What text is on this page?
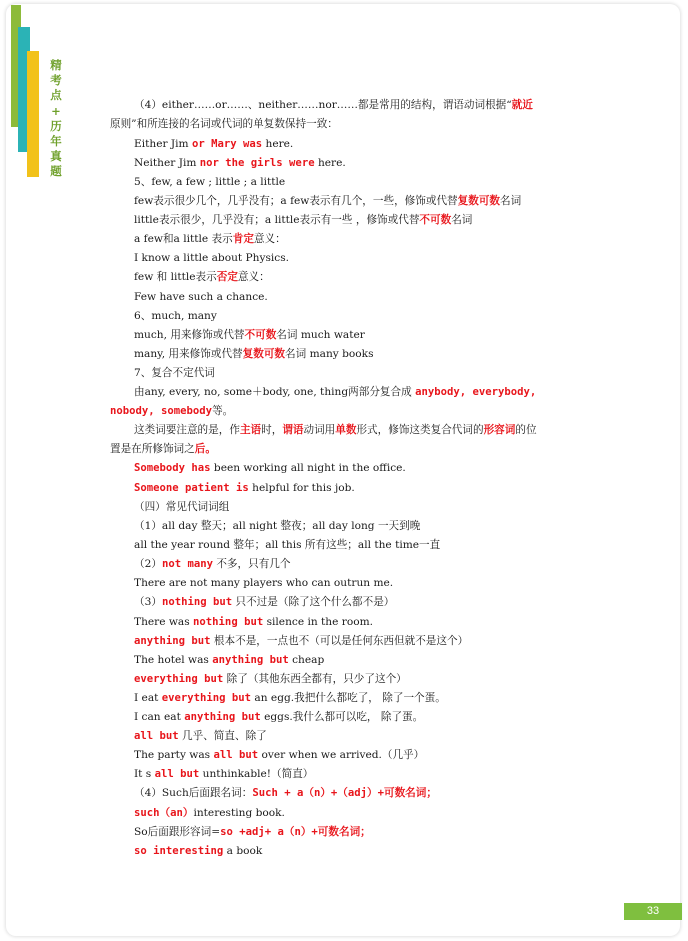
精
考
点
+
历
年
真
题
（4）either……or……、neither……nor……都是常用的结构，谓语动词根据“就近
原则”和所连接的名词或代词的单复数保持一致：
Either Jim or Mary was here.
Neither Jim nor the girls were here.
5、few, a few ; little ; a little
few表示很少几个，几乎没有；a few表示有几个，一些，修饰或代替复数可数名词
little表示很少，几乎没有；a little表示有一些 ，修饰或代替不可数名词
a few和a little 表示肯定意义：
I know a little about Physics.
few 和 little表示否定意义：
Few have such a chance.
6、much, many
much, 用来修饰或代替不可数名词 much water
many, 用来修饰或代替复数可数名词 many books
7、复合不定代词
由any, every, no, some＋body, one, thing两部分复合成 anybody, everybody,
nobody, somebody等。
这类词要注意的是，作主语时，谓语动词用单数形式，修饰这类复合代词的形容词的位
置是在所修饰词之后。
Somebody has been working all night in the office.
Someone patient is helpful for this job.
（四）常见代词词组
（1）all day 整天；all night 整夜；all day long 一天到晚
all the year round 整年；all this 所有这些；all the time一直
（2）not many 不多，只有几个
There are not many players who can outrun me.
（3）nothing but 只不过是（除了这个什么都不是）
There was nothing but silence in the room.
anything but 根本不是，一点也不（可以是任何东西但就不是这个）
The hotel was anything but cheap
everything but 除了（其他东西全都有，只少了这个）
I eat everything but an egg.我把什么都吃了， 除了一个蛋。
I can eat anything but eggs.我什么都可以吃， 除了蛋。
all but 几乎、简直、除了
The party was all but over when we arrived.（几乎）
It s all but unthinkable!（简直）
（4）Such后面跟名词：Such + a（n）+（adj）+可数名词；
such（an）interesting book.
So后面跟形容词=so +adj+ a（n）+可数名词；
so interesting a book
33
